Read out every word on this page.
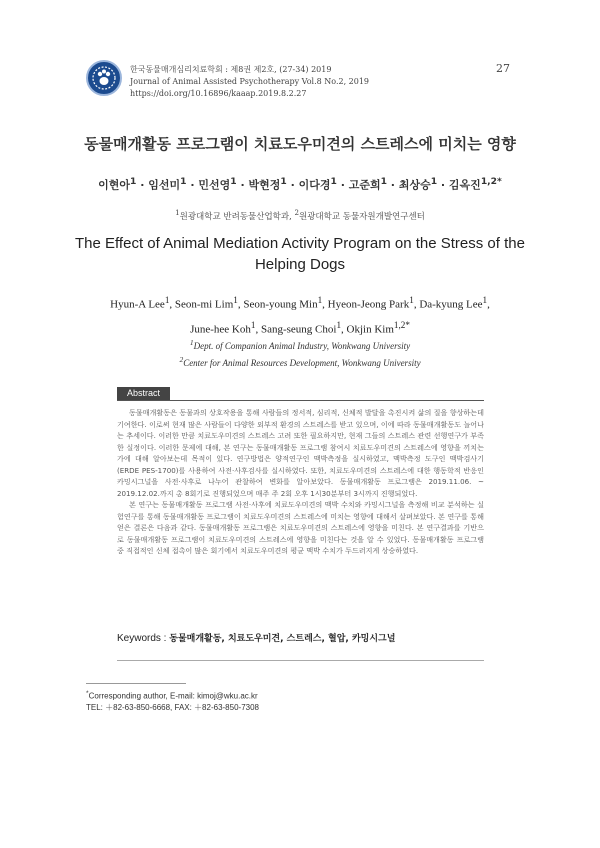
한국동물매개심리치료학회 : 제8권 제2호, (27-34) 2019
Journal of Animal Assisted Psychotherapy Vol.8 No.2, 2019
https://doi.org/10.16896/kaaap.2019.8.2.27
27
동물매개활동 프로그램이 치료도우미견의 스트레스에 미치는 영향
이현아$^1$ · 임선미$^1$ · 민선영$^1$ · 박현정$^1$ · 이다경$^1$ · 고준희$^1$ · 최상승$^1$ · 김옥진$^{1,2*}$
$^1$원광대학교 반려동물산업학과, $^2$원광대학교 동물자원개발연구센터
The Effect of Animal Mediation Activity Program on the Stress of the Helping Dogs
Hyun-A Lee$^1$, Seon-mi Lim$^1$, Seon-young Min$^1$, Hyeon-Jeong Park$^1$, Da-kyung Lee$^1$,
June-hee Koh$^1$, Sang-seung Choi$^1$, Okjin Kim$^{1,2*}$
$^1$Dept. of Companion Animal Industry, Wonkwang University
$^2$Center for Animal Resources Development, Wonkwang University
Abstract

동물매개활동은 동물과의 상호작용을 통해 사람들의 정서적, 심리적, 신체적 발달을 촉진시켜 삶의 질을 향상하는데 기여한다. 이로써 현재 많은 사람들이 다양한 외부적 환경의 스트레스를 받고 있으며, 이에 따라 동물매개활동도 늘어나는 추세이다. 이러한 만큼 치료도우미견의 스트레스 고려 또한 필요하지만, 현재 그들의 스트레스 관련 선행연구가 부족한 실정이다. 이러한 문제에 대해, 본 연구는 동물매개활동 프로그램 참여시 치료도우미견의 스트레스에 영향을 끼치는가에 대해 알아보는데 목적이 있다. 연구방법은 양적연구인 맥박측정을 실시하였고, 맥박측정 도구인 맥박검사기 (ERDE PES-1700)를 사용하여 사전·사후검사를 실시하였다. 또한, 치료도우미견의 스트레스에 대한 행동학적 반응인 카밍시그널을 사전·사후로 나누어 관찰하여 변화를 알아보았다. 동물매개활동 프로그램은 2019.11.06. ~ 2019.12.02.까지 총 8회기로 진행되었으며 매주 주 2회 오후 1시30분부터 3시까지 진행되었다.

본 연구는 동물매개활동 프로그램 사전·사후에 치료도우미견의 맥박 수치와 카밍시그널을 측정해 비교 분석하는 실험연구를 통해 동물매개활동 프로그램이 치료도우미견의 스트레스에 미치는 영향에 대해서 살펴보았다. 본 연구를 통해 얻은 결론은 다음과 같다. 동물매개활동 프로그램은 치료도우미견의 스트레스에 영향을 미친다. 본 연구결과를 기반으로 동물매개활동 프로그램이 치료도우미견의 스트레스에 영향을 미친다는 것을 알 수 있었다. 동물매개활동 프로그램 중 직접적인 신체 접촉이 많은 회기에서 치료도우미견의 평균 맥박 수치가 두드러지게 상승하였다.

Keywords : 동물매개활동, 치료도우미견, 스트레스, 혈압, 카밍시그널
*Corresponding author, E-mail: kimoj@wku.ac.kr
TEL: ＋82-63-850-6668, FAX: ＋82-63-850-7308
